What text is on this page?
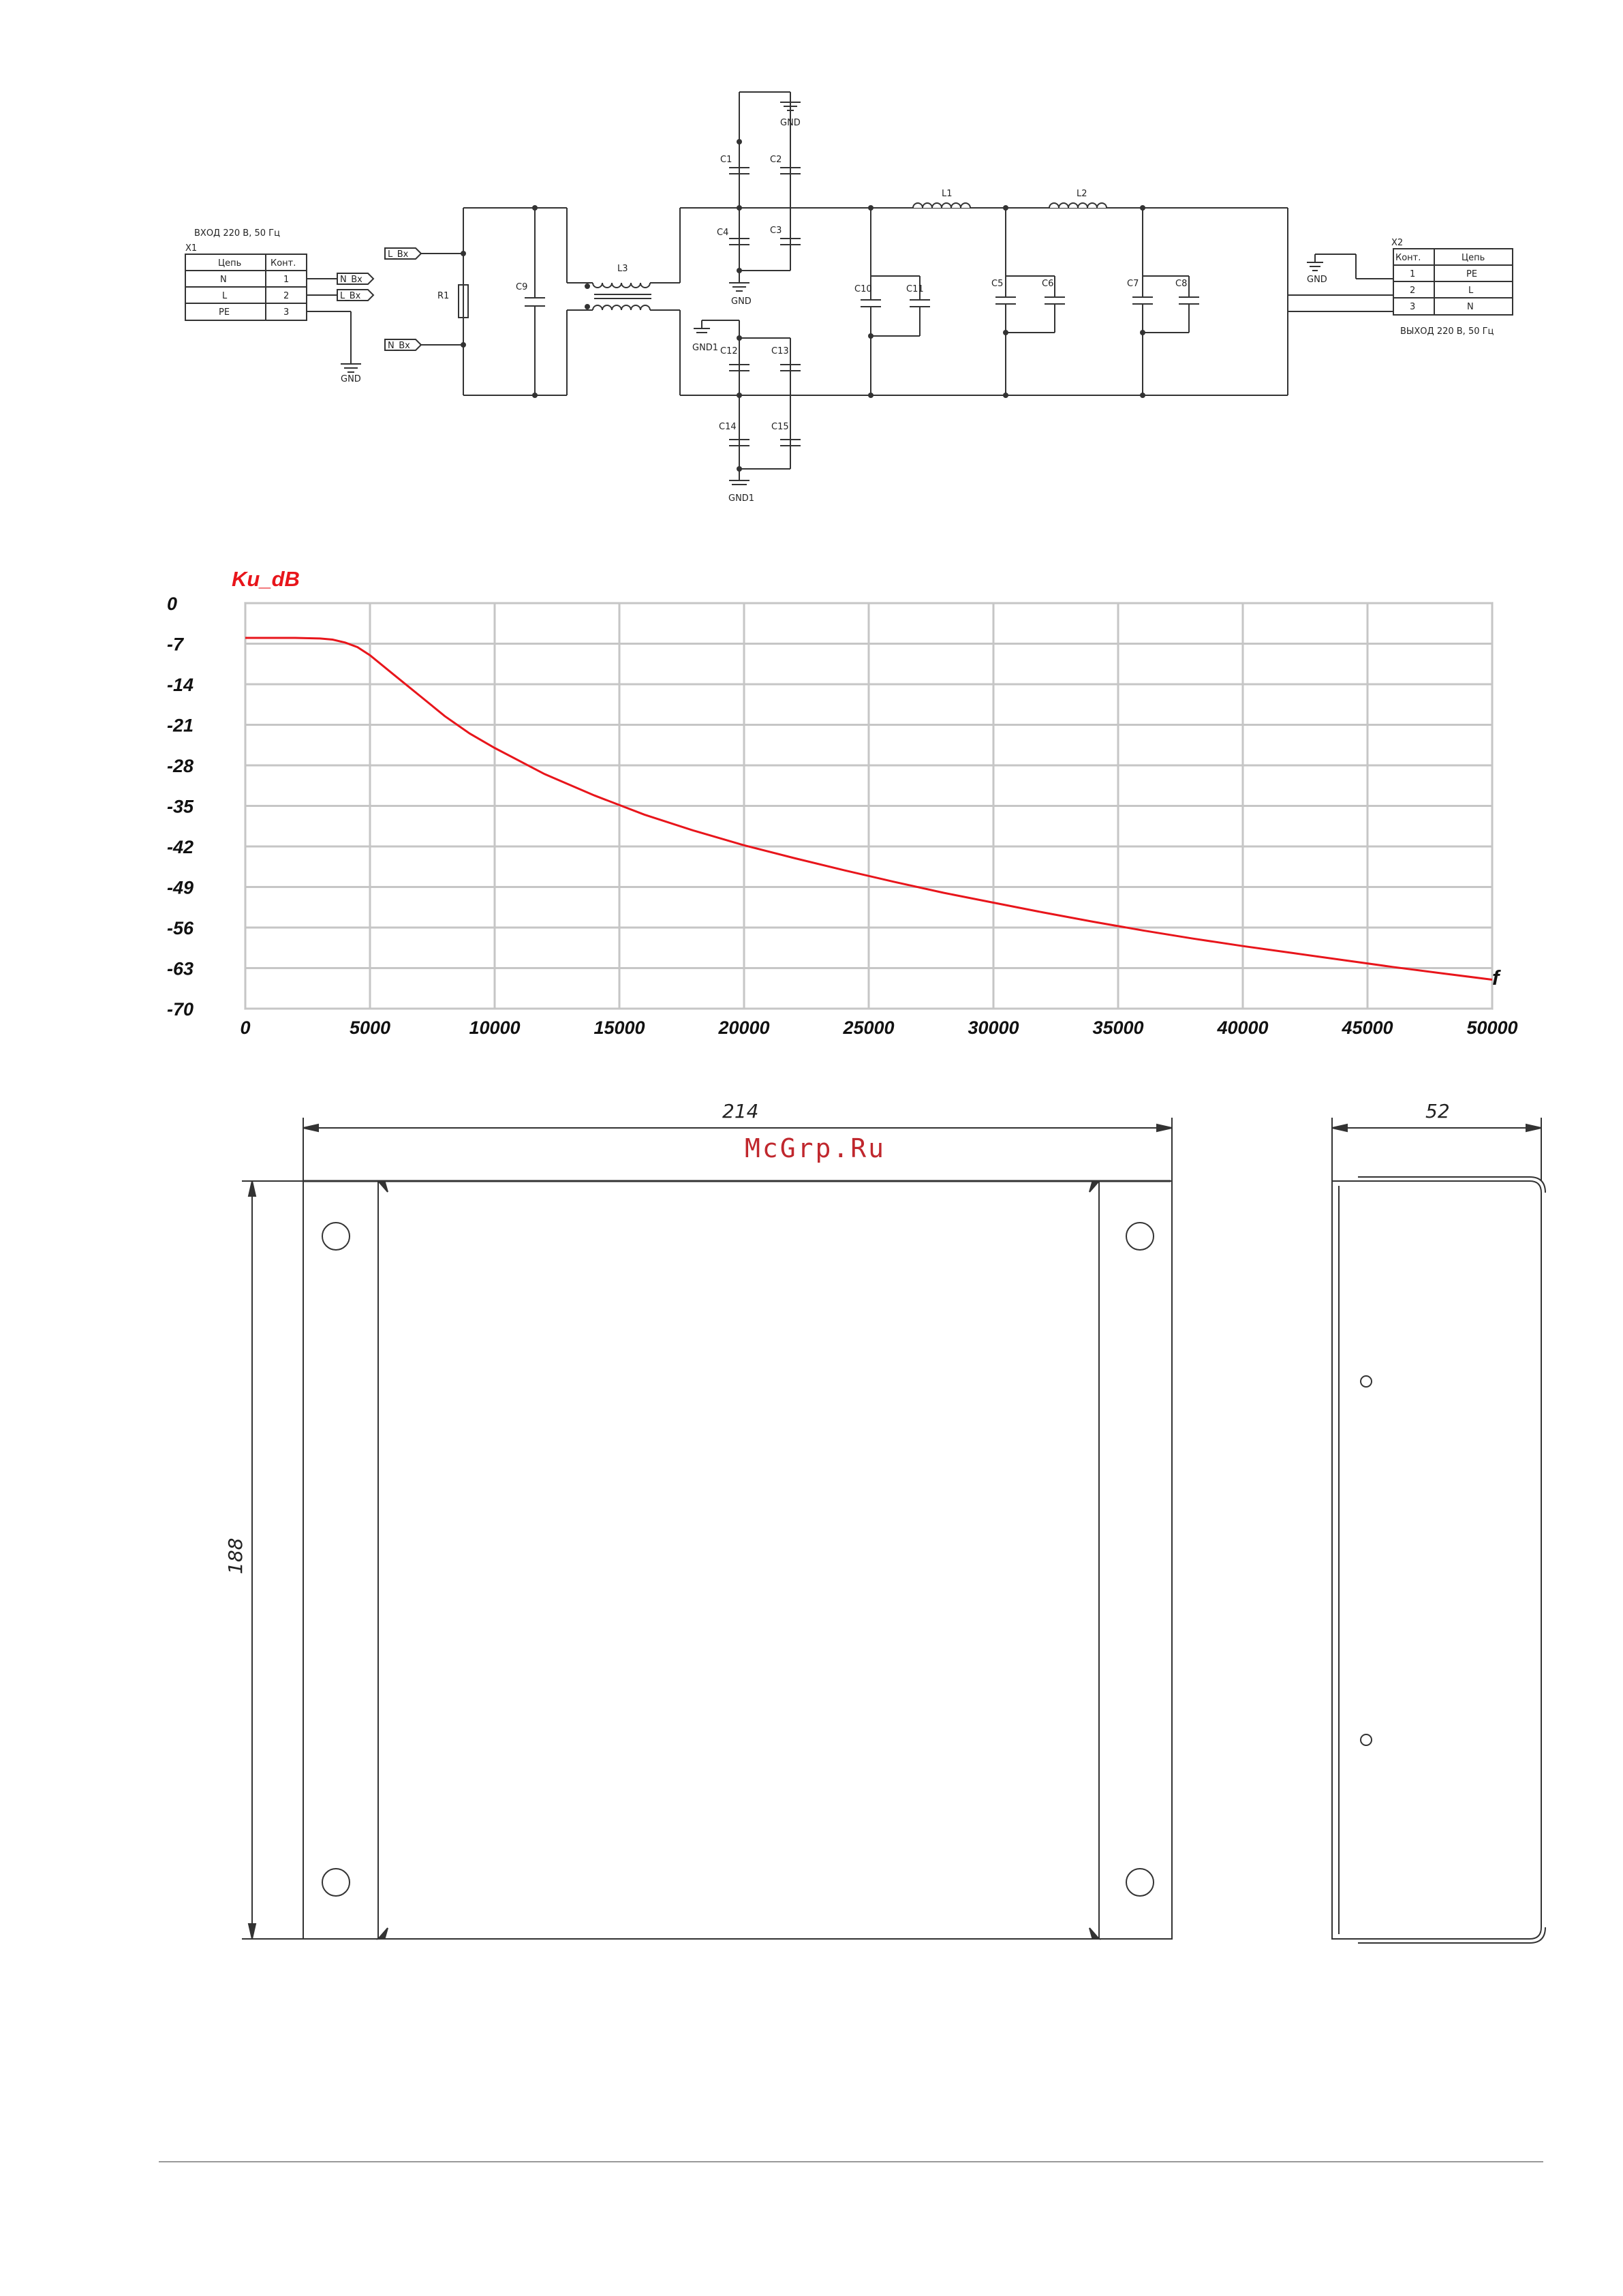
ВХОД 220 В, 50 Гц
X1
Цепь	Конт.
N	1
L	2
PE	3
GND
N_Вх
L_Вх
L_Вх
N_Вх
R1
C9
L3
GND
GND
C1	C2
C3
C4
GND1
GND1
C12	C13
C14	C15
C10	C11
L1
C5	C6
L2
C7	C8	GND
X2
Конт.	Цепь
1	PE
2	L
3	N
ВЫХОД 220 В, 50 Гц
0
-7
-14
-21
-28
-35
-42
-49
-56
-63
-70
0	5000	10000	15000	20000	25000	30000	35000	40000	45000	50000
Ku_dB
f
214
188
52
McGrp.Ru
